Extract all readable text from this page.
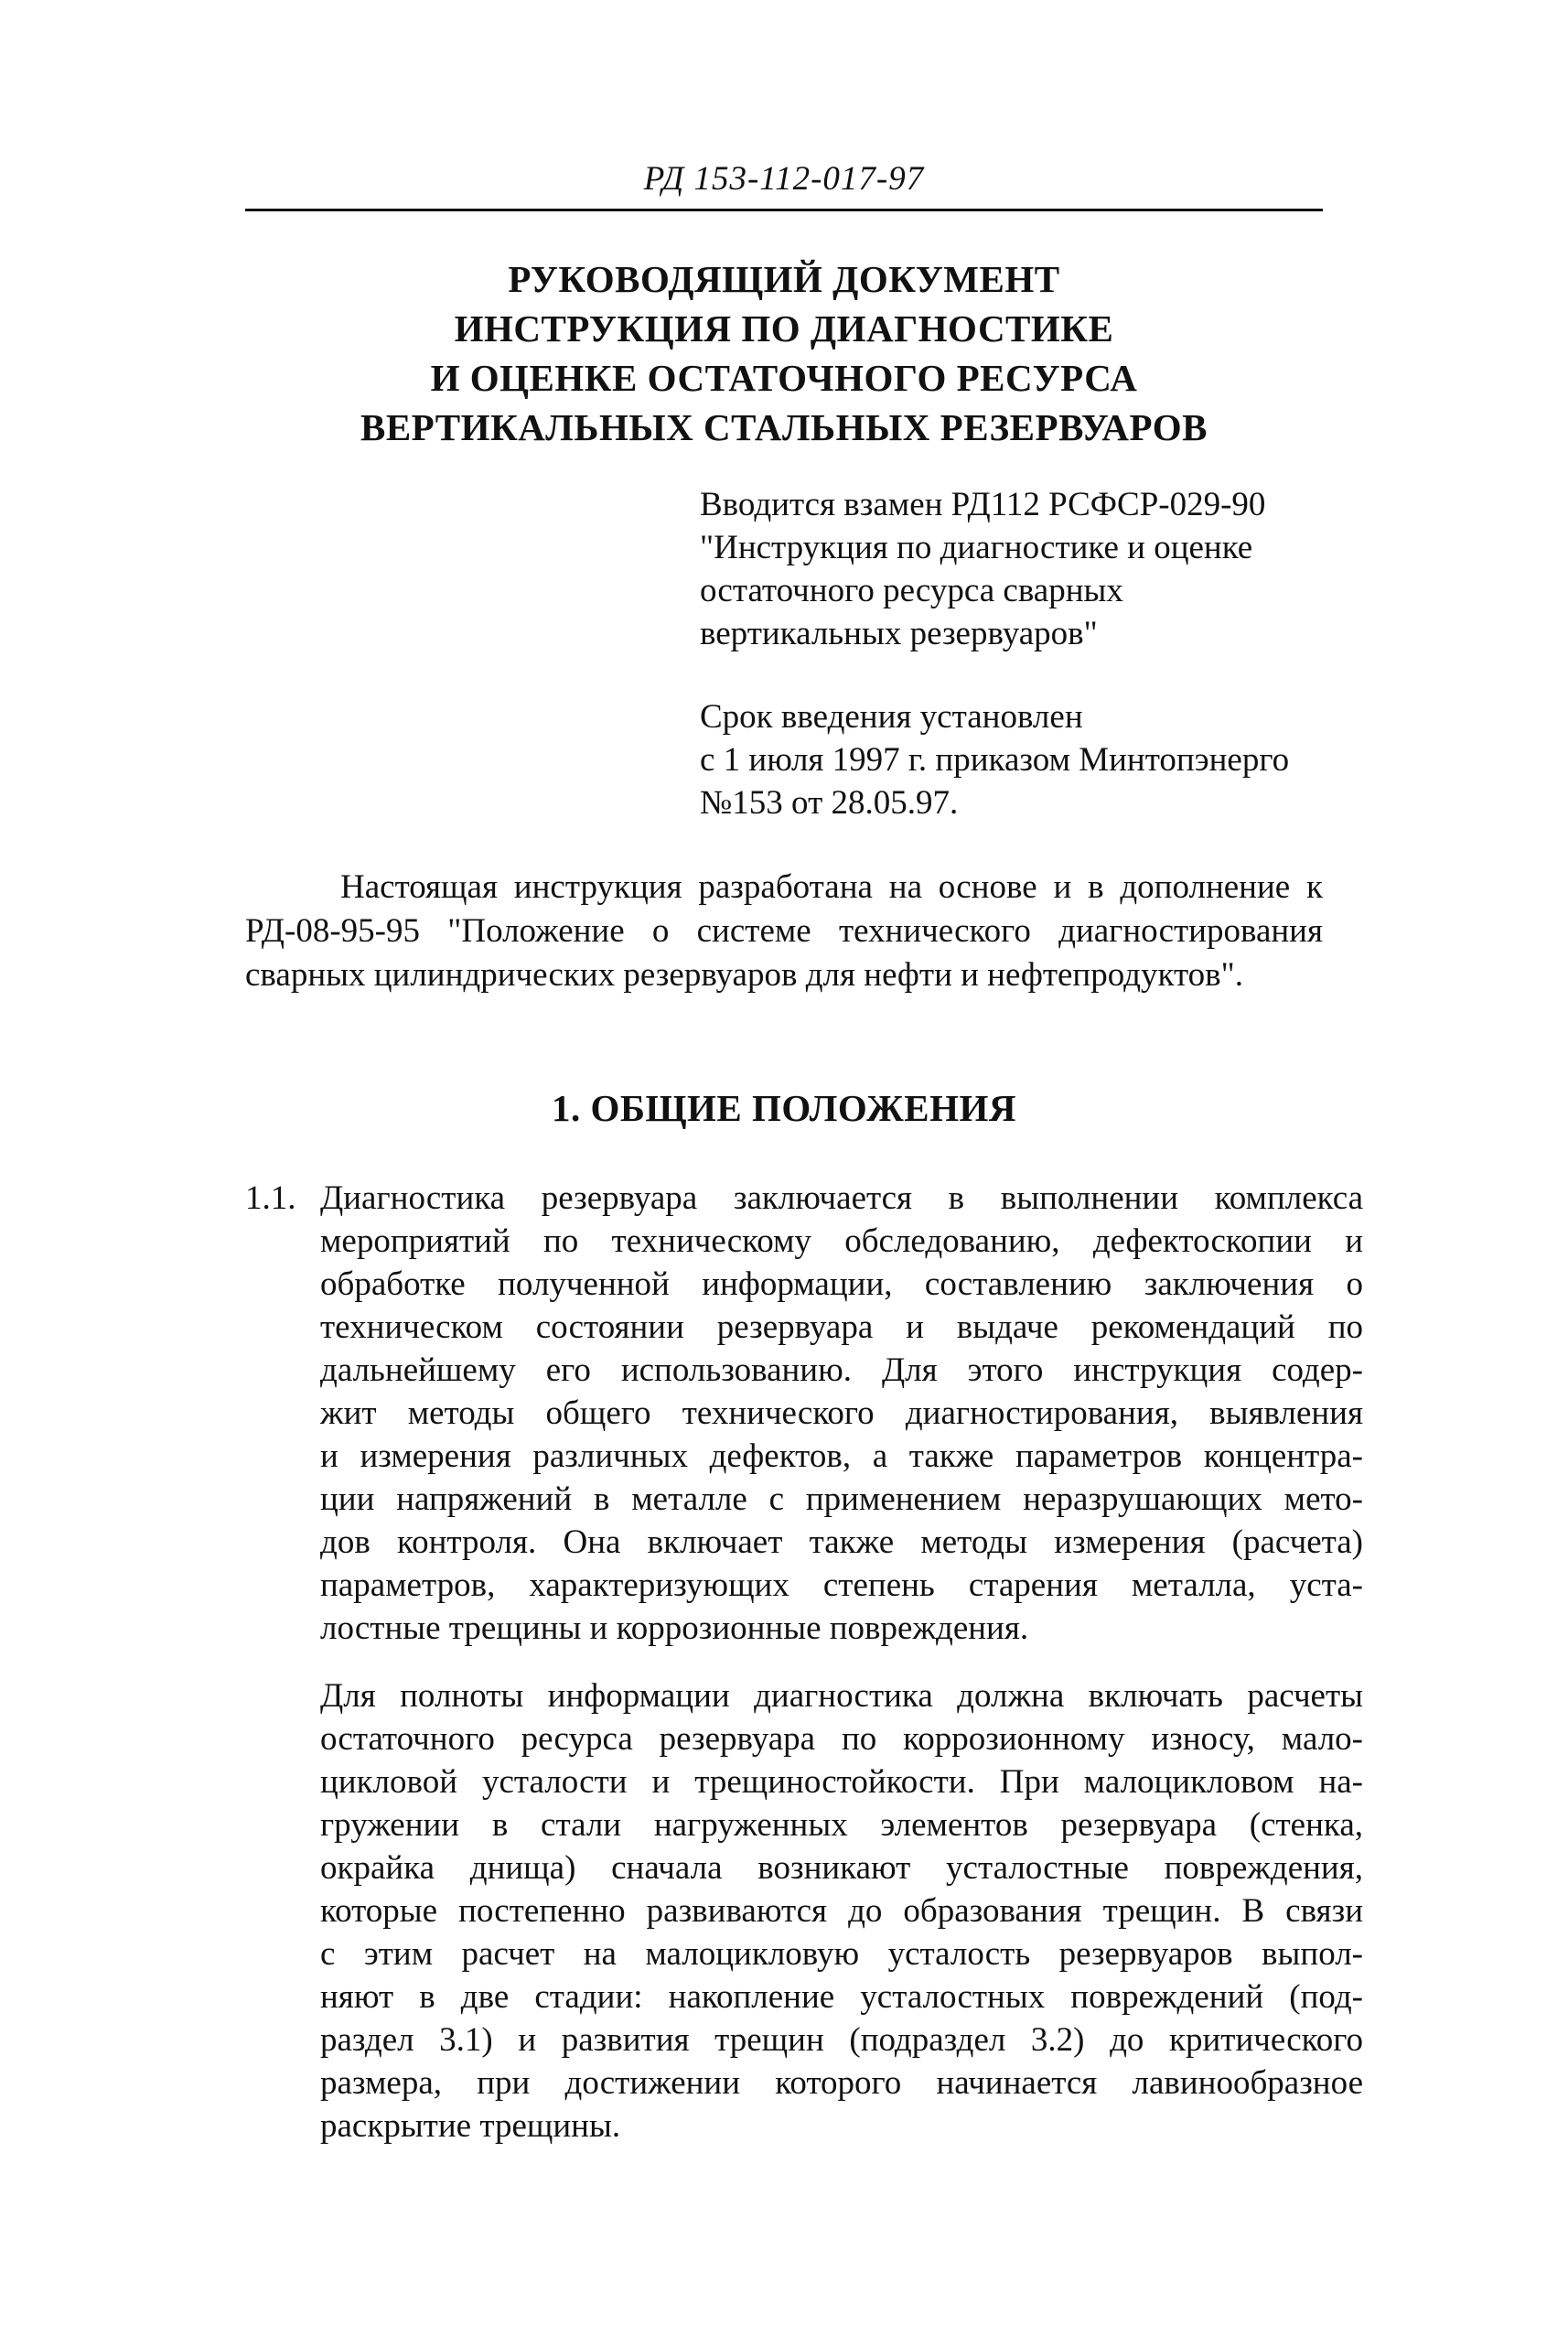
РД 153-112-017-97
РУКОВОДЯЩИЙ ДОКУМЕНТ
ИНСТРУКЦИЯ ПО ДИАГНОСТИКЕ
И ОЦЕНКЕ ОСТАТОЧНОГО РЕСУРСА
ВЕРТИКАЛЬНЫХ СТАЛЬНЫХ РЕЗЕРВУАРОВ
Вводится взамен РД112 РСФСР-029-90
"Инструкция по диагностике и оценке
остаточного ресурса сварных
вертикальных резервуаров"
Срок введения установлен
с 1 июля 1997 г. приказом Минтопэнерго
№153 от 28.05.97.
Настоящая инструкция разработана на основе и в дополнение к
РД-08-95-95 "Положение о системе технического диагностирования
сварных цилиндрических резервуаров для нефти и нефтепродуктов".
1. ОБЩИЕ ПОЛОЖЕНИЯ
1.1. Диагностика резервуара заключается в выполнении комплекса
мероприятий по техническому обследованию, дефектоскопии и
обработке полученной информации, составлению заключения о
техническом состоянии резервуара и выдаче рекомендаций по
дальнейшему его использованию. Для этого инструкция содер-
жит методы общего технического диагностирования, выявления
и измерения различных дефектов, а также параметров концентра-
ции напряжений в металле с применением неразрушающих мето-
дов контроля. Она включает также методы измерения (расчета)
параметров, характеризующих степень старения металла, уста-
лостные трещины и коррозионные повреждения.
Для полноты информации диагностика должна включать расчеты
остаточного ресурса резервуара по коррозионному износу, мало-
цикловой усталости и трещиностойкости. При малоцикловом на-
гружении в стали нагруженных элементов резервуара (стенка,
окрайка днища) сначала возникают усталостные повреждения,
которые постепенно развиваются до образования трещин. В связи
с этим расчет на малоцикловую усталость резервуаров выпол-
няют в две стадии: накопление усталостных повреждений (под-
раздел 3.1) и развития трещин (подраздел 3.2) до критического
размера, при достижении которого начинается лавинообразное
раскрытие трещины.
